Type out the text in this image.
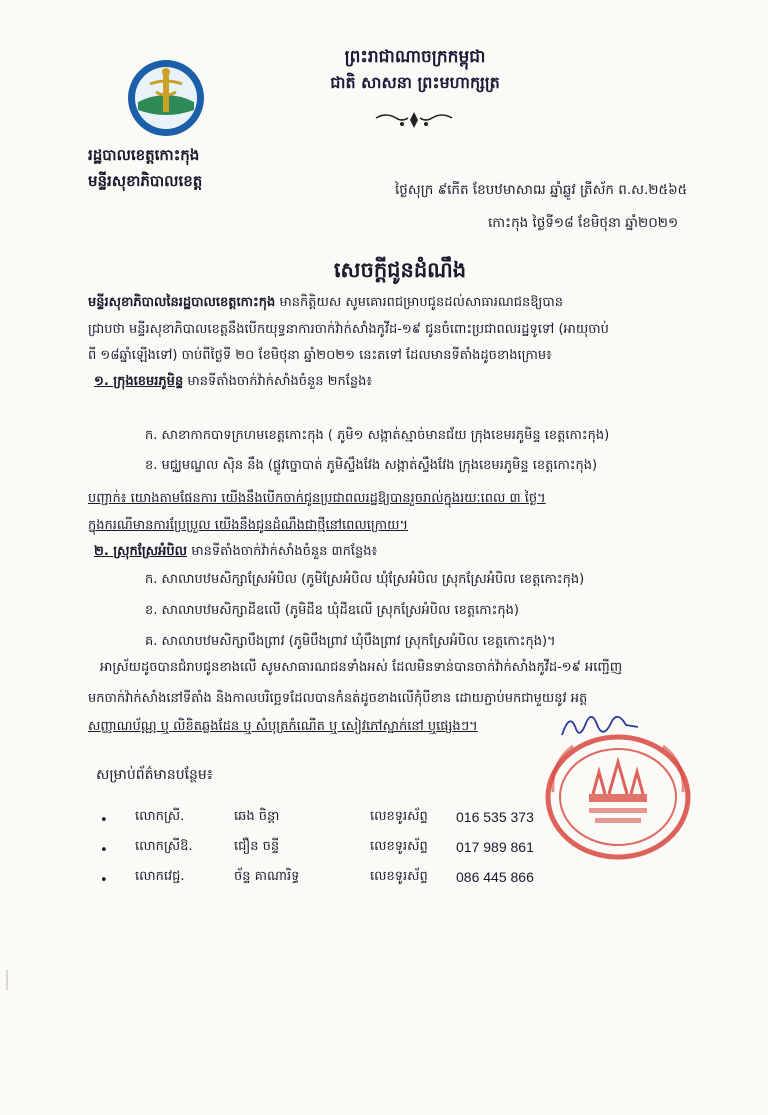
ព្រះរាជាណាចក្រកម្ពុជា
ជាតិ សាសនា ព្រះមហាក្សត្រ
រដ្ឋបាលខេត្តកោះកុង
មន្ទីរសុខាភិបាលខេត្ត	ថ្ងៃសុក្រ ៩កើត ខែបឋមាសាឍ ឆ្នាំឆ្លូវ ត្រីស័ក ព.ស.២៥៦៥
កោះកុង ថ្ងៃទី១៨ ខែមិថុនា ឆ្នាំ២០២១
សេចក្តីជូនដំណឹង
មន្ទីរសុខាភិបាលនៃរដ្ឋបាលខេត្តកោះកុង មានកិត្តិយស សូមគោរពជម្រាបជូនដល់សាធារណជនឱ្យបាន
ជ្រាបថា មន្ទីរសុខាភិបាលខេត្តនឹងបើកយុទ្ធនាការចាក់វ៉ាក់សាំងកូវីដ-១៩ ជូនចំពោះប្រជាពលរដ្ឋទូទៅ (អាយុចាប់
ពី ១៨ឆ្នាំឡើងទៅ) ចាប់ពីថ្ងៃទី ២០ ខែមិថុនា ឆ្នាំ២០២១ នេះតទៅ ដែលមានទីតាំងដូចខាងក្រោម៖
១. ក្រុងខេមរភូមិន្ទ មានទីតាំងចាក់វ៉ាក់សាំងចំនួន ២កន្លែង៖
ក. សាខាកាកបាទក្រហមខេត្តកោះកុង ( ភូមិ១ សង្កាត់ស្មាច់មានជ័យ ក្រុងខេមរភូមិន្ទ ខេត្តកោះកុង)
ខ. មជ្ឈមណ្ឌល ស៊ិន នឹង (ផ្លូវច្នោបាត់ ភូមិស្ទឹងវែង សង្កាត់ស្ទឹងវែង ក្រុងខេមរភូមិន្ទ ខេត្តកោះកុង)
បញ្ជាក់៖ យោងតាមផែនការ យើងនឹងបើកចាក់ជូនប្រជាពលរដ្ឋឱ្យបានរួចរាល់ក្នុងរយៈពេល ៣ ថ្ងៃ។
ក្នុងករណីមានការប្រែប្រួល យើងនឹងជូនដំណឹងជាថ្មីនៅពេលក្រោយ។
២. ស្រុកស្រែអំបិល មានទីតាំងចាក់វ៉ាក់សាំងចំនួន ៣កន្លែង៖
ក. សាលាបឋមសិក្សាស្រែអំបិល (ភូមិស្រែអំបិល ឃុំស្រែអំបិល ស្រុកស្រែអំបិល ខេត្តកោះកុង)
ខ. សាលាបឋមសិក្សាដីឧលើ (ភូមិដីឧ ឃុំដីឧលើ ស្រុកស្រែអំបិល ខេត្តកោះកុង)
គ. សាលាបឋមសិក្សាបឹងព្រាវ (ភូមិបឹងព្រាវ ឃុំបឹងព្រាវ ស្រុកស្រែអំបិល ខេត្តកោះកុង)។
អាស្រ័យដូចបានជំរាបជូនខាងលើ សូមសាធារណជនទាំងអស់ ដែលមិនទាន់បានចាក់វ៉ាក់សាំងកូវីដ-១៩ អញ្ជើញ
មកចាក់វ៉ាក់សាំងនៅទីតាំង និងកាលបរិច្ឆេទដែលបានកំនត់ដូចខាងលើកុំបីខាន ដោយភ្ជាប់មកជាមួយនូវ អត្ត
សញ្ញាណប័ណ្ណ ឬ លិខិតឆ្លងដែន ឬ សំបុត្រកំណើត ឬ សៀវភៅស្នាក់នៅ ឬផ្សេងៗ។
សម្រាប់ព័ត៌មានបន្ថែម៖
• លោកស្រី.	ឆេង ចិន្តា	លេខទូរស័ព្ទ 016 535 373
• លោកស្រីឱ.	ជឿន ចន្ទី	លេខទូរស័ព្ទ 017 989 861
• លោកវេជ្ជ.	ច័ន្ទ គាណារិទ្ធ	លេខទូរស័ព្ទ 086 445 866
